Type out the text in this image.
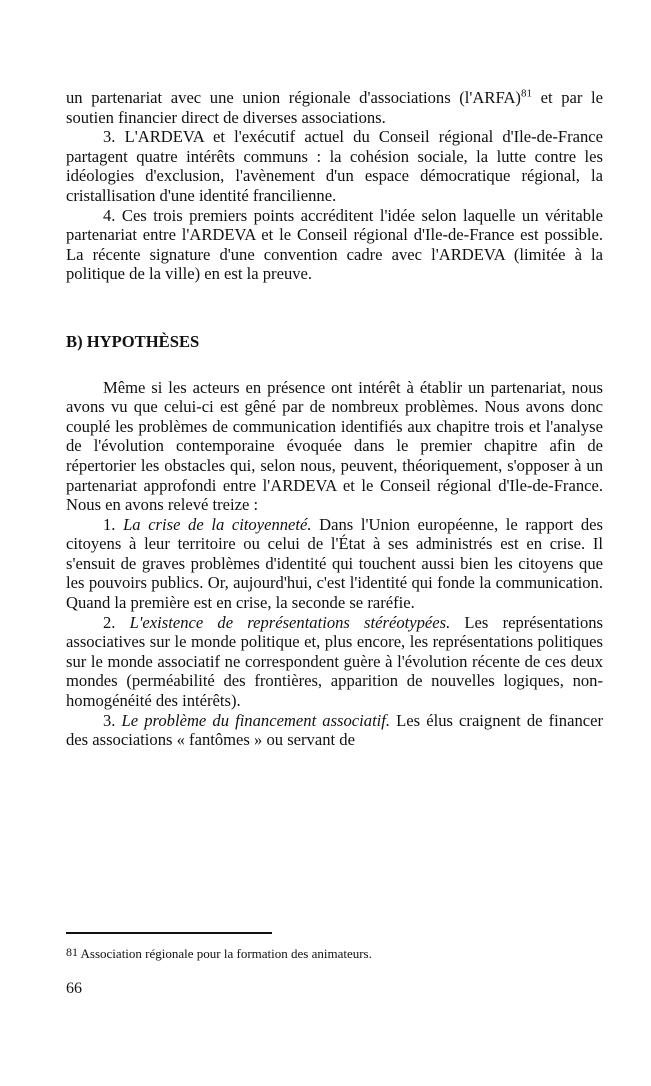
un partenariat avec une union régionale d'associations (l'ARFA)$^{81}$ et par le soutien financier direct de diverses associations.

3. L'ARDEVA et l'exécutif actuel du Conseil régional d'Ile-de-France partagent quatre intérêts communs : la cohésion sociale, la lutte contre les idéologies d'exclusion, l'avènement d'un espace démocratique régional, la cristallisation d'une identité francilienne.

4. Ces trois premiers points accréditent l'idée selon laquelle un véritable partenariat entre l'ARDEVA et le Conseil régional d'Ile-de-France est possible. La récente signature d'une convention cadre avec l'ARDEVA (limitée à la politique de la ville) en est la preuve.

B) HYPOTHÈSES

Même si les acteurs en présence ont intérêt à établir un partenariat, nous avons vu que celui-ci est gêné par de nombreux problèmes. Nous avons donc couplé les problèmes de communication identifiés aux chapitre trois et l'analyse de l'évolution contemporaine évoquée dans le premier chapitre afin de répertorier les obstacles qui, selon nous, peuvent, théoriquement, s'opposer à un partenariat approfondi entre l'ARDEVA et le Conseil régional d'Ile-de-France. Nous en avons relevé treize :

1. La crise de la citoyenneté. Dans l'Union européenne, le rapport des citoyens à leur territoire ou celui de l'État à ses administrés est en crise. Il s'ensuit de graves problèmes d'identité qui touchent aussi bien les citoyens que les pouvoirs publics. Or, aujourd'hui, c'est l'identité qui fonde la communication. Quand la première est en crise, la seconde se raréfie.

2. L'existence de représentations stéréotypées. Les représentations associatives sur le monde politique et, plus encore, les représentations politiques sur le monde associatif ne correspondent guère à l'évolution récente de ces deux mondes (perméabilité des frontières, apparition de nouvelles logiques, non-homogénéité des intérêts).

3. Le problème du financement associatif. Les élus craignent de financer des associations « fantômes » ou servant de

$^{81}$ Association régionale pour la formation des animateurs.

66
